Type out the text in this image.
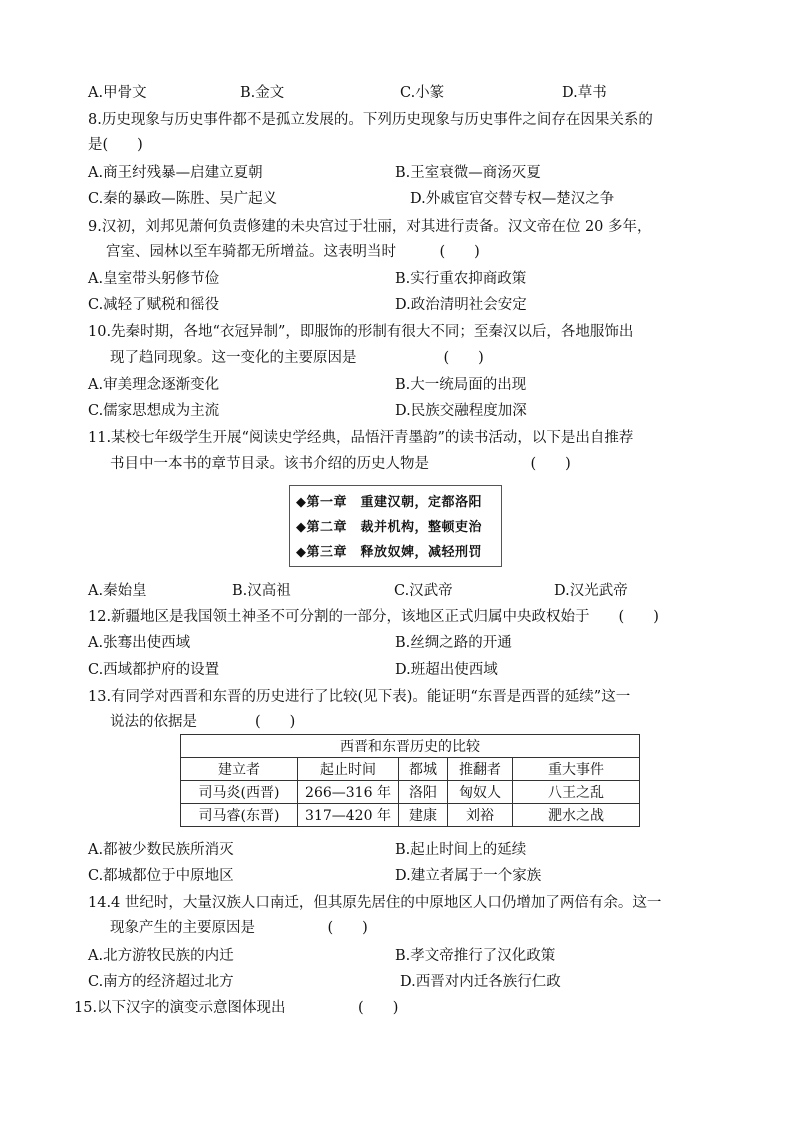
A.甲骨文	B.金文	C.小篆	D.草书
8.历史现象与历史事件都不是孤立发展的。下列历史现象与历史事件之间存在因果关系的
是(　　)
A.商王纣残暴—启建立夏朝	B.王室衰微—商汤灭夏
C.秦的暴政—陈胜、吴广起义	D.外戚宦官交替专权—楚汉之争
9.汉初，刘邦见萧何负责修建的未央宫过于壮丽，对其进行责备。汉文帝在位 20 多年，
宫室、园林以至车骑都无所增益。这表明当时　　　(　　)
A.皇室带头躬修节俭	B.实行重农抑商政策
C.减轻了赋税和徭役	D.政治清明社会安定
10.先秦时期，各地“衣冠异制”，即服饰的形制有很大不同；至秦汉以后，各地服饰出
现了趋同现象。这一变化的主要原因是　　　　　　(　　)
A.审美理念逐渐变化	B.大一统局面的出现
C.儒家思想成为主流	D.民族交融程度加深
11.某校七年级学生开展“阅读史学经典，品悟汗青墨韵”的读书活动，以下是出自推荐
书目中一本书的章节目录。该书介绍的历史人物是　　　　　　　(　　)
◆第一章　重建汉朝，定都洛阳
◆第二章　裁并机构，整顿吏治
◆第三章　释放奴婢，减轻刑罚
A.秦始皇	B.汉高祖	C.汉武帝	D.汉光武帝
12.新疆地区是我国领土神圣不可分割的一部分，该地区正式归属中央政权始于　　(　　)
A.张骞出使西域	B.丝绸之路的开通
C.西域都护府的设置	D.班超出使西域
13.有同学对西晋和东晋的历史进行了比较(见下表)。能证明“东晋是西晋的延续”这一
说法的依据是　　　　(　　)
西晋和东晋历史的比较				
建立者	起止时间	都城	推翻者	重大事件
司马炎(西晋)	266—316 年	洛阳	匈奴人	八王之乱
司马睿(东晋)	317—420 年	建康	刘裕	淝水之战
A.都被少数民族所消灭	B.起止时间上的延续
C.都城都位于中原地区	D.建立者属于一个家族
14.4 世纪时，大量汉族人口南迁，但其原先居住的中原地区人口仍增加了两倍有余。这一
现象产生的主要原因是　　　　　(　　)
A.北方游牧民族的内迁	B.孝文帝推行了汉化政策
C.南方的经济超过北方	D.西晋对内迁各族行仁政
15.以下汉字的演变示意图体现出　　　　　(　　)
